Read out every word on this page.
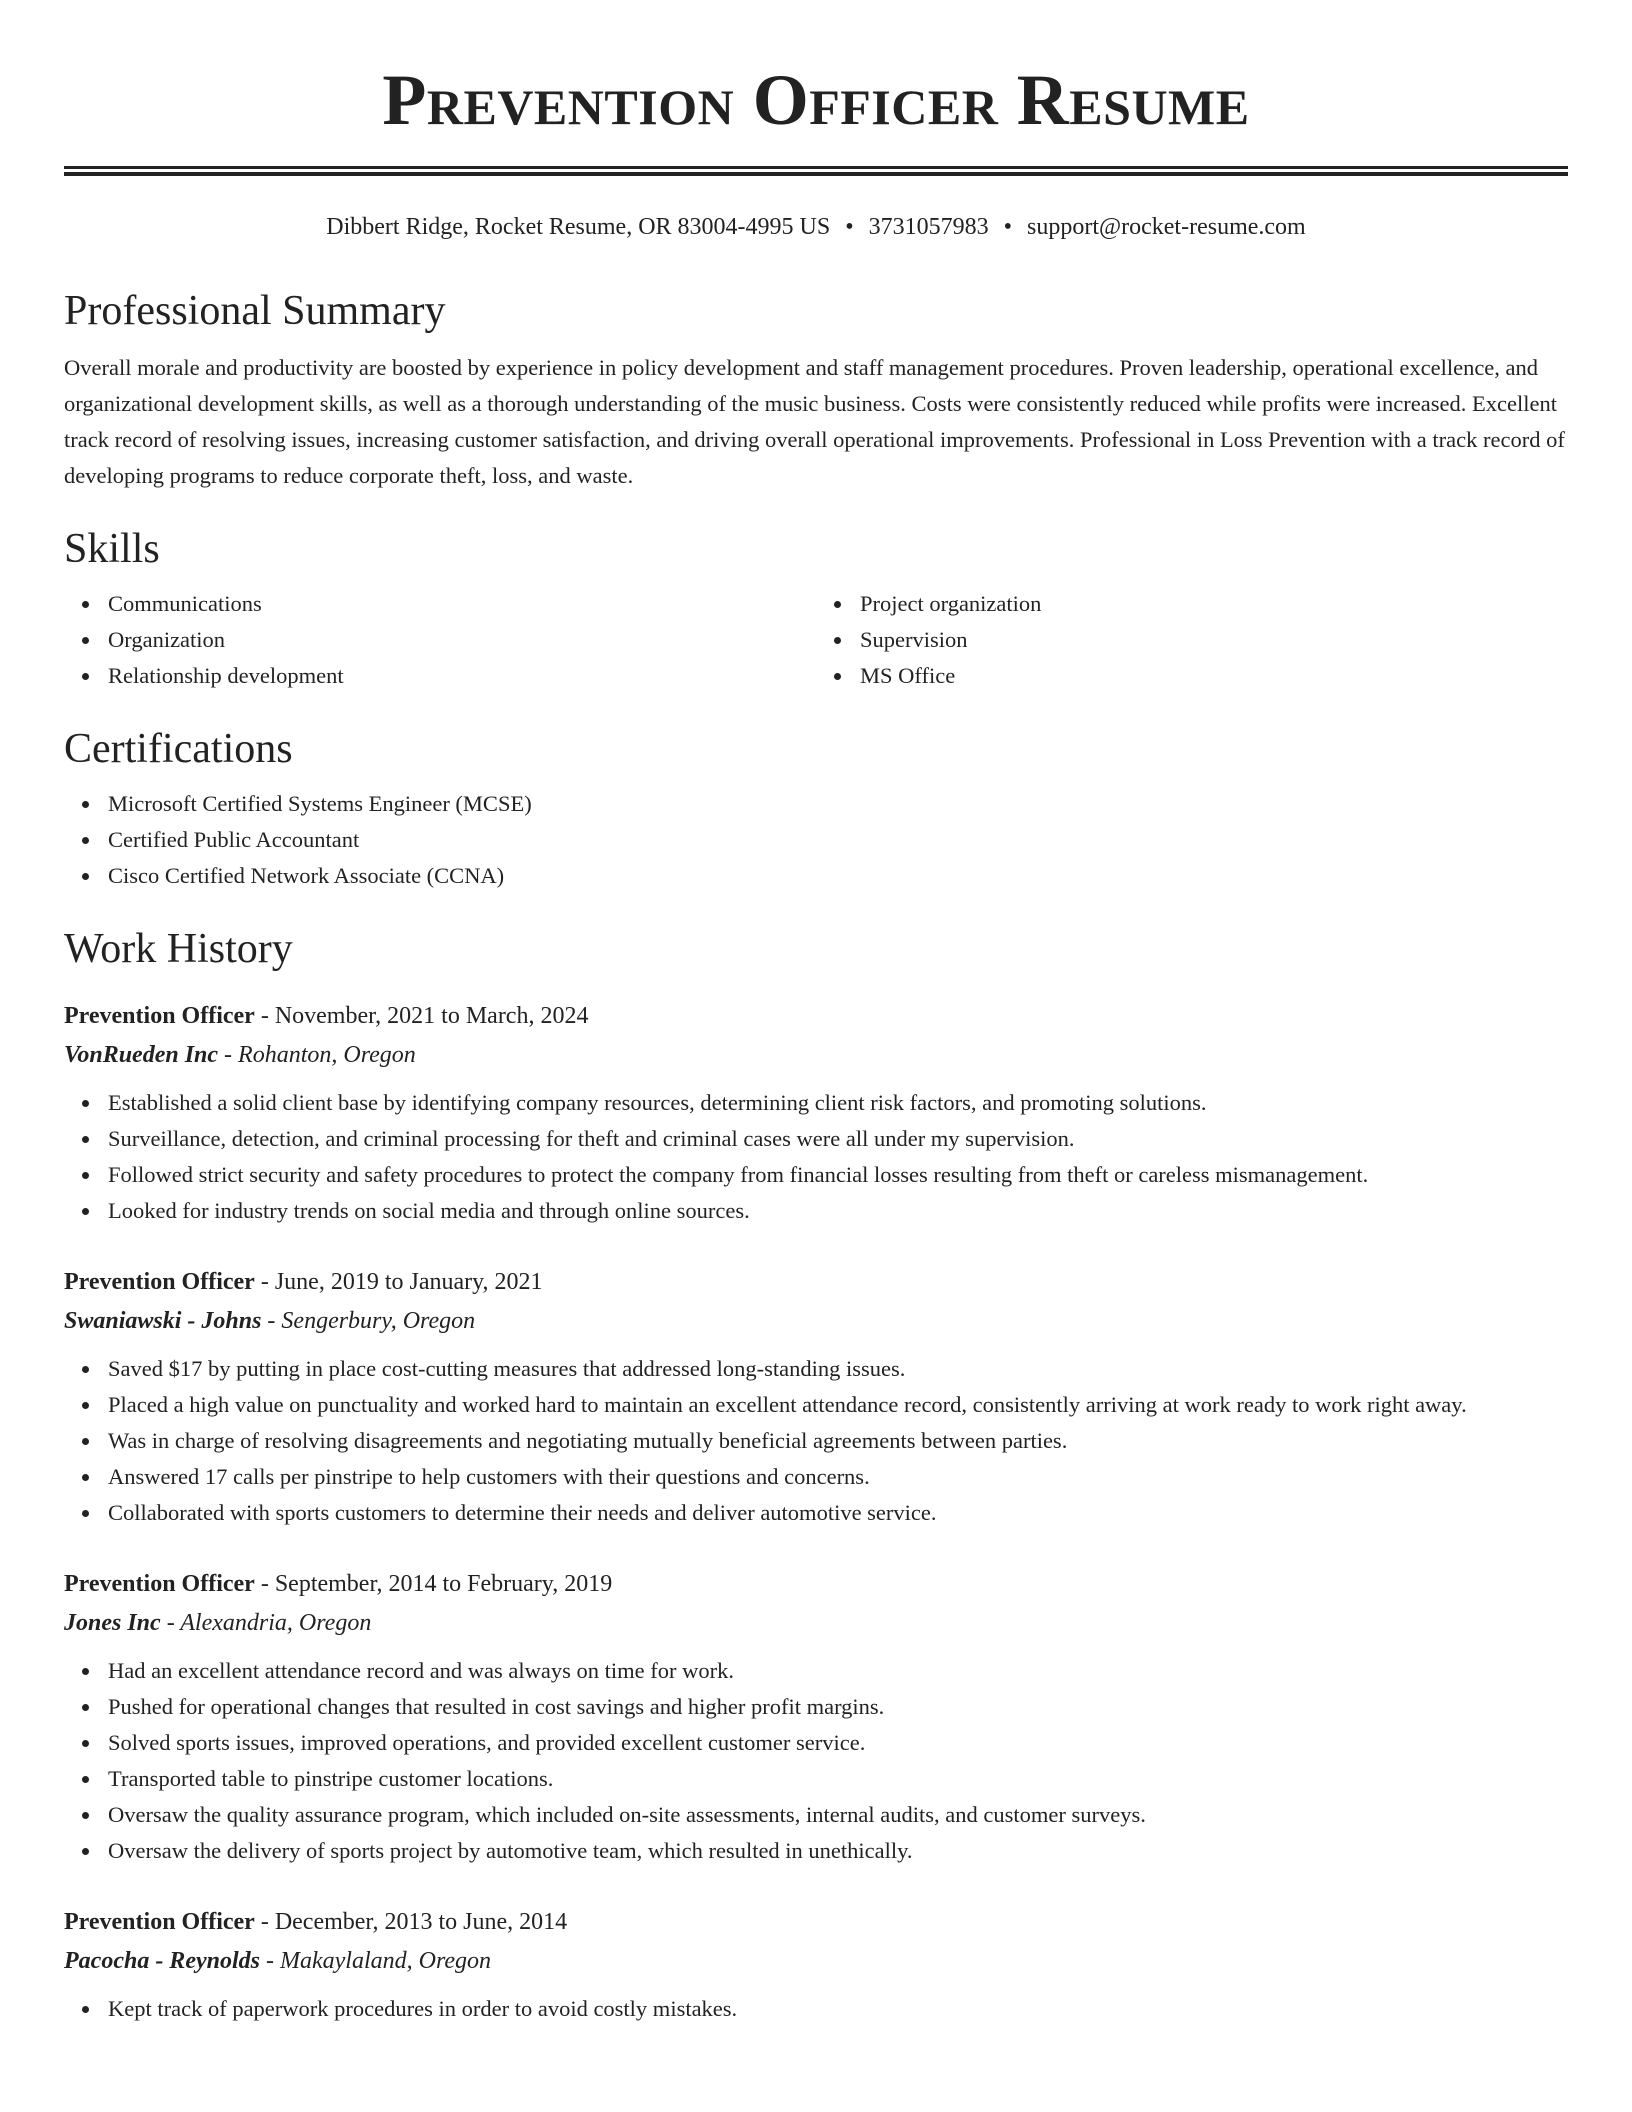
Prevention Officer Resume
Dibbert Ridge, Rocket Resume, OR 83004-4995 US • 3731057983 • support@rocket-resume.com
Professional Summary

Overall morale and productivity are boosted by experience in policy development and staff management procedures. Proven leadership, operational excellence, and organizational development skills, as well as a thorough understanding of the music business. Costs were consistently reduced while profits were increased. Excellent track record of resolving issues, increasing customer satisfaction, and driving overall operational improvements. Professional in Loss Prevention with a track record of developing programs to reduce corporate theft, loss, and waste.

Skills
Communications
Organization
Relationship development
Project organization
Supervision
MS Office
Certifications
Microsoft Certified Systems Engineer (MCSE)
Certified Public Accountant
Cisco Certified Network Associate (CCNA)
Work History
Prevention Officer - November, 2021 to March, 2024
VonRueden Inc - Rohanton, Oregon
Established a solid client base by identifying company resources, determining client risk factors, and promoting solutions.
Surveillance, detection, and criminal processing for theft and criminal cases were all under my supervision.
Followed strict security and safety procedures to protect the company from financial losses resulting from theft or careless mismanagement.
Looked for industry trends on social media and through online sources.
Prevention Officer - June, 2019 to January, 2021
Swaniawski - Johns - Sengerbury, Oregon
Saved $17 by putting in place cost-cutting measures that addressed long-standing issues.
Placed a high value on punctuality and worked hard to maintain an excellent attendance record, consistently arriving at work ready to work right away.
Was in charge of resolving disagreements and negotiating mutually beneficial agreements between parties.
Answered 17 calls per pinstripe to help customers with their questions and concerns.
Collaborated with sports customers to determine their needs and deliver automotive service.
Prevention Officer - September, 2014 to February, 2019
Jones Inc - Alexandria, Oregon
Had an excellent attendance record and was always on time for work.
Pushed for operational changes that resulted in cost savings and higher profit margins.
Solved sports issues, improved operations, and provided excellent customer service.
Transported table to pinstripe customer locations.
Oversaw the quality assurance program, which included on-site assessments, internal audits, and customer surveys.
Oversaw the delivery of sports project by automotive team, which resulted in unethically.
Prevention Officer - December, 2013 to June, 2014
Pacocha - Reynolds - Makaylaland, Oregon
Kept track of paperwork procedures in order to avoid costly mistakes.
